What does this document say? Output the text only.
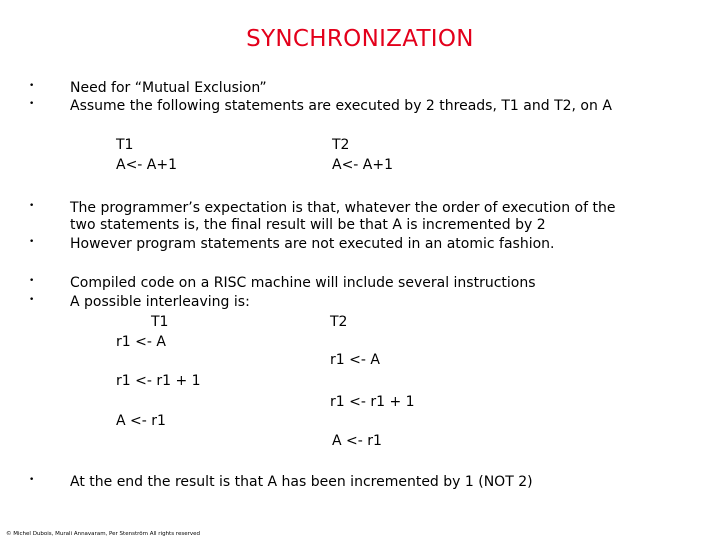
SYNCHRONIZATION
•
•
Need for “Mutual Exclusion”
Assume the following statements are executed by 2 threads, T1 and T2, on A
T1
A<- A+1
T2
A<- A+1
•
•
The programmer’s expectation is that, whatever the order of execution of the
two statements is, the final result will be that A is incremented by 2
However program statements are not executed in an atomic fashion.
•
•
Compiled code on a RISC machine will include several instructions
A possible interleaving is:
T1	T2
r1 <- A
r1 <- A
r1 <- r1 + 1
r1 <- r1 + 1
A <- r1
A <- r1
•	At the end the result is that A has been incremented by 1 (NOT 2)
© Michel Dubois, Murali Annavaram, Per Stenström All rights reserved
